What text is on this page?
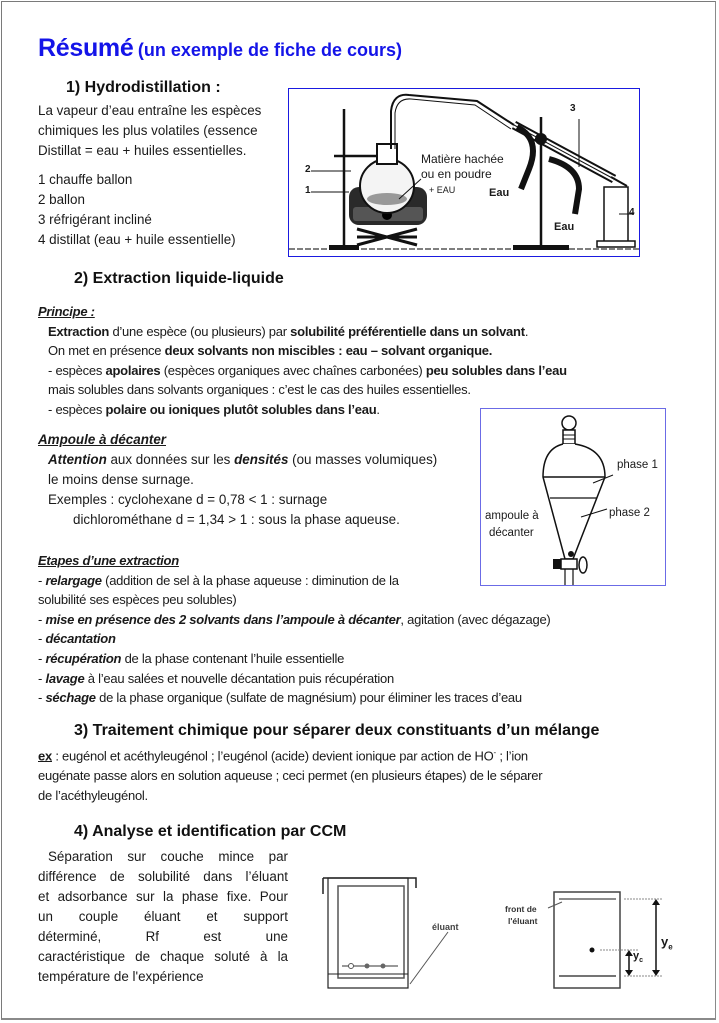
Résumé (un exemple de fiche de cours)
1) Hydrodistillation :
La vapeur d’eau entraîne les espèces
chimiques les plus volatiles (essence
Distillat = eau + huiles essentielles.
1 chauffe ballon
2 ballon
3 réfrigérant incliné
4 distillat (eau + huile essentielle)
2
1
3
4
Matière hachée
ou en poudre
+ EAU	Eau
Eau
2) Extraction liquide-liquide
Principe :
Extraction d’une espèce (ou plusieurs) par solubilité préférentielle dans un solvant.
On met en présence deux solvants non miscibles : eau – solvant organique.
- espèces apolaires (espèces organiques avec chaînes carbonées) peu solubles dans l’eau
mais solubles dans solvants organiques : c’est le cas des huiles essentielles.
- espèces polaire ou ioniques plutôt solubles dans l’eau.
Ampoule à décanter
Attention aux données sur les densités (ou masses volumiques)
le moins dense surnage.
Exemples : cyclohexane d = 0,78 < 1 : surnage
dichlorométhane d = 1,34 > 1 : sous la phase aqueuse.
phase 1
phase 2
ampoule à
décanter
Etapes d’une extraction
- relargage (addition de sel à la phase aqueuse : diminution de la
solubilité ses espèces peu solubles)
- mise en présence des 2 solvants dans l’ampoule à décanter, agitation (avec dégazage)
- décantation
- récupération de la phase contenant l’huile essentielle
- lavage à l’eau salées et nouvelle décantation puis récupération
- séchage de la phase organique (sulfate de magnésium) pour éliminer les traces d’eau
3) Traitement chimique pour séparer deux constituants d’un mélange
ex : eugénol et acéthyleugénol ; l’eugénol (acide) devient ionique par action de HO- ; l’ion
eugénate passe alors en solution aqueuse ; ceci permet (en plusieurs étapes) de le séparer
de l’acéthyleugénol.
4) Analyse et identification par CCM
Séparation sur couche mince par
différence de solubilité dans l’éluant
et adsorbance sur la phase fixe. Pour
un couple éluant et support
déterminé, Rf est une
caractéristique de chaque soluté à la
température de l'expérience
éluant
front de
l'éluant
$y_e$
$y_c$
